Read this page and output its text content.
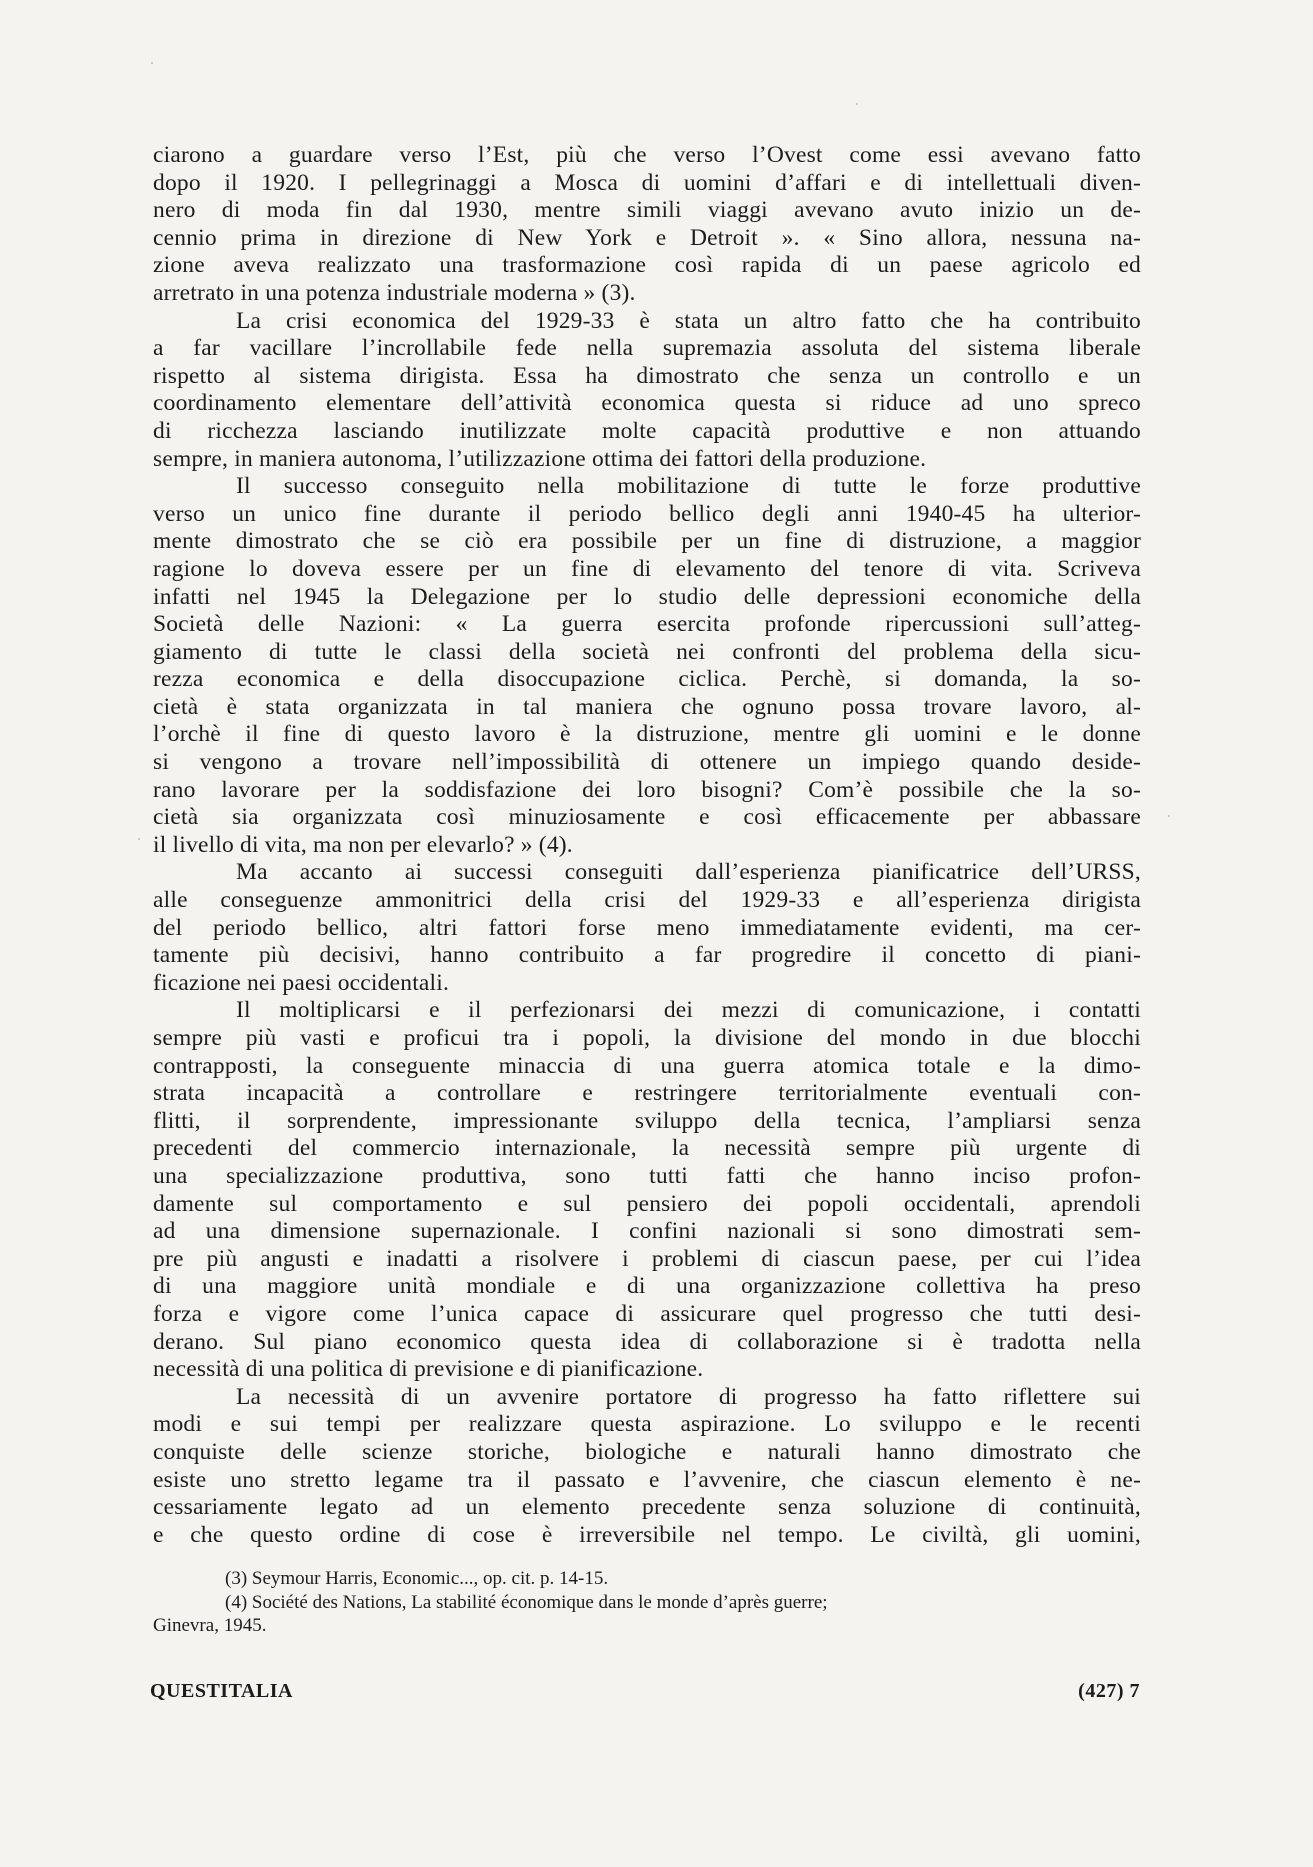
ciarono a guardare verso l’Est, più che verso l’Ovest come essi avevano fatto
dopo il 1920. I pellegrinaggi a Mosca di uomini d’affari e di intellettuali diven-
nero di moda fin dal 1930, mentre simili viaggi avevano avuto inizio un de-
cennio prima in direzione di New York e Detroit ». « Sino allora, nessuna na-
zione aveva realizzato una trasformazione così rapida di un paese agricolo ed
arretrato in una potenza industriale moderna » (3).
La crisi economica del 1929-33 è stata un altro fatto che ha contribuito
a far vacillare l’incrollabile fede nella supremazia assoluta del sistema liberale
rispetto al sistema dirigista. Essa ha dimostrato che senza un controllo e un
coordinamento elementare dell’attività economica questa si riduce ad uno spreco
di ricchezza lasciando inutilizzate molte capacità produttive e non attuando
sempre, in maniera autonoma, l’utilizzazione ottima dei fattori della produzione.
Il successo conseguito nella mobilitazione di tutte le forze produttive
verso un unico fine durante il periodo bellico degli anni 1940-45 ha ulterior-
mente dimostrato che se ciò era possibile per un fine di distruzione, a maggior
ragione lo doveva essere per un fine di elevamento del tenore di vita. Scriveva
infatti nel 1945 la Delegazione per lo studio delle depressioni economiche della
Società delle Nazioni: « La guerra esercita profonde ripercussioni sull’atteg-
giamento di tutte le classi della società nei confronti del problema della sicu-
rezza economica e della disoccupazione ciclica. Perchè, si domanda, la so-
cietà è stata organizzata in tal maniera che ognuno possa trovare lavoro, al-
l’orchè il fine di questo lavoro è la distruzione, mentre gli uomini e le donne
si vengono a trovare nell’impossibilità di ottenere un impiego quando deside-
rano lavorare per la soddisfazione dei loro bisogni? Com’è possibile che la so-
cietà sia organizzata così minuziosamente e così efficacemente per abbassare
il livello di vita, ma non per elevarlo? » (4).
Ma accanto ai successi conseguiti dall’esperienza pianificatrice dell’URSS,
alle conseguenze ammonitrici della crisi del 1929-33 e all’esperienza dirigista
del periodo bellico, altri fattori forse meno immediatamente evidenti, ma cer-
tamente più decisivi, hanno contribuito a far progredire il concetto di piani-
ficazione nei paesi occidentali.
Il moltiplicarsi e il perfezionarsi dei mezzi di comunicazione, i contatti
sempre più vasti e proficui tra i popoli, la divisione del mondo in due blocchi
contrapposti, la conseguente minaccia di una guerra atomica totale e la dimo-
strata incapacità a controllare e restringere territorialmente eventuali con-
flitti, il sorprendente, impressionante sviluppo della tecnica, l’ampliarsi senza
precedenti del commercio internazionale, la necessità sempre più urgente di
una specializzazione produttiva, sono tutti fatti che hanno inciso profon-
damente sul comportamento e sul pensiero dei popoli occidentali, aprendoli
ad una dimensione supernazionale. I confini nazionali si sono dimostrati sem-
pre più angusti e inadatti a risolvere i problemi di ciascun paese, per cui l’idea
di una maggiore unità mondiale e di una organizzazione collettiva ha preso
forza e vigore come l’unica capace di assicurare quel progresso che tutti desi-
derano. Sul piano economico questa idea di collaborazione si è tradotta nella
necessità di una politica di previsione e di pianificazione.
La necessità di un avvenire portatore di progresso ha fatto riflettere sui
modi e sui tempi per realizzare questa aspirazione. Lo sviluppo e le recenti
conquiste delle scienze storiche, biologiche e naturali hanno dimostrato che
esiste uno stretto legame tra il passato e l’avvenire, che ciascun elemento è ne-
cessariamente legato ad un elemento precedente senza soluzione di continuità,
e che questo ordine di cose è irreversibile nel tempo. Le civiltà, gli uomini,
(3) Seymour Harris, Economic..., op. cit. p. 14-15.
(4) Société des Nations, La stabilité économique dans le monde d’après guerre;
Ginevra, 1945.
QUESTITALIA	(427) 7
